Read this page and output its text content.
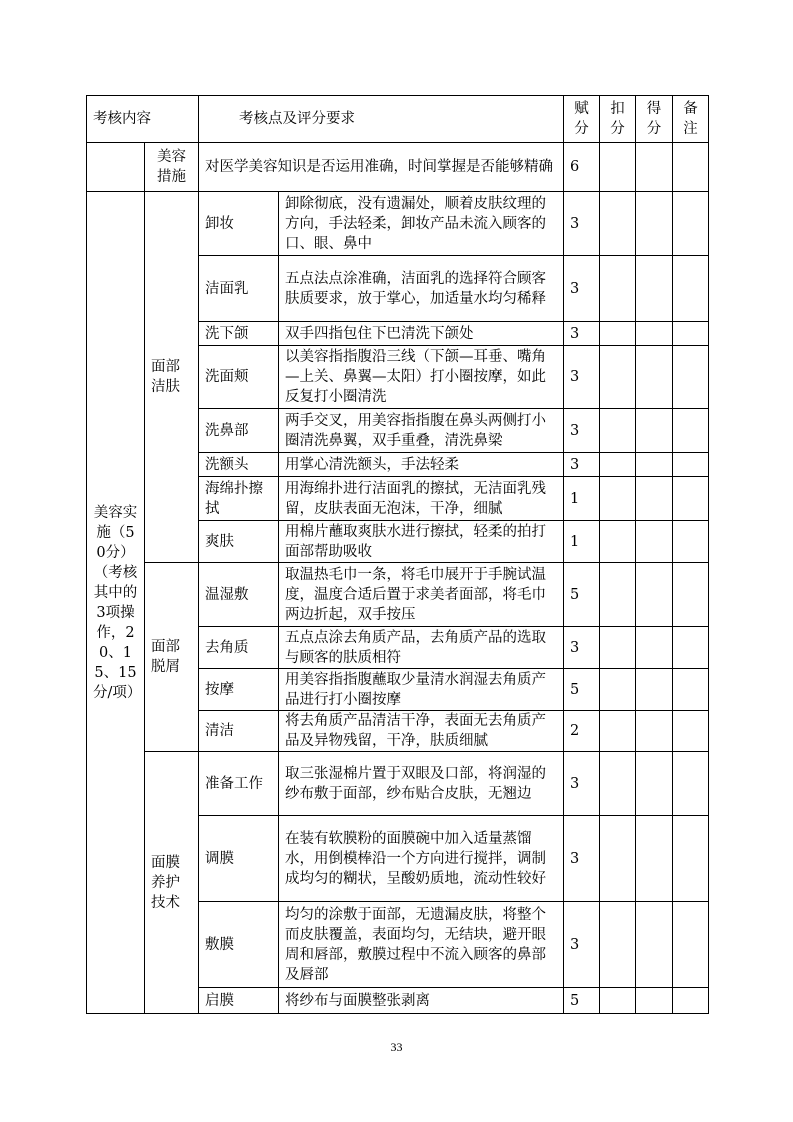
考核内容		考核点及评分要求		赋分	扣分	得分	备注
	美容措施	对医学美容知识是否运用准确，时间掌握是否能够精确		6			
美容实施（50分）（考核其中的3项操作，20、15、15分/项）	面部洁肤	卸妆	卸除彻底，没有遗漏处，顺着皮肤纹理的方向，手法轻柔，卸妆产品未流入顾客的口、眼、鼻中	3			
		洁面乳	五点法点涂准确，洁面乳的选择符合顾客肤质要求，放于掌心，加适量水均匀稀释	3			
		洗下颌	双手四指包住下巴清洗下颌处	3			
		洗面颊	以美容指指腹沿三线（下颌—耳垂、嘴角—上关、鼻翼—太阳）打小圈按摩，如此反复打小圈清洗	3			
		洗鼻部	两手交叉，用美容指指腹在鼻头两侧打小圈清洗鼻翼，双手重叠，清洗鼻梁	3			
		洗额头	用掌心清洗额头，手法轻柔	3			
		海绵扑擦拭	用海绵扑进行洁面乳的擦拭，无洁面乳残留，皮肤表面无泡沫，干净，细腻	1			
		爽肤	用棉片蘸取爽肤水进行擦拭，轻柔的拍打面部帮助吸收	1			
	面部脱屑	温湿敷	取温热毛巾一条，将毛巾展开于手腕试温度，温度合适后置于求美者面部，将毛巾两边折起，双手按压	5			
		去角质	五点点涂去角质产品，去角质产品的选取与顾客的肤质相符	3			
		按摩	用美容指指腹蘸取少量清水润湿去角质产品进行打小圈按摩	5			
		清洁	将去角质产品清洁干净，表面无去角质产品及异物残留，干净，肤质细腻	2			
	面膜养护技术	准备工作	取三张湿棉片置于双眼及口部，将润湿的纱布敷于面部，纱布贴合皮肤，无翘边	3			
		调膜	在装有软膜粉的面膜碗中加入适量蒸馏水，用倒模棒沿一个方向进行搅拌，调制成均匀的糊状，呈酸奶质地，流动性较好	3			
		敷膜	均匀的涂敷于面部，无遗漏皮肤，将整个而皮肤覆盖，表面均匀，无结块，避开眼周和唇部，敷膜过程中不流入顾客的鼻部及唇部	3			
		启膜	将纱布与面膜整张剥离	5			
33
